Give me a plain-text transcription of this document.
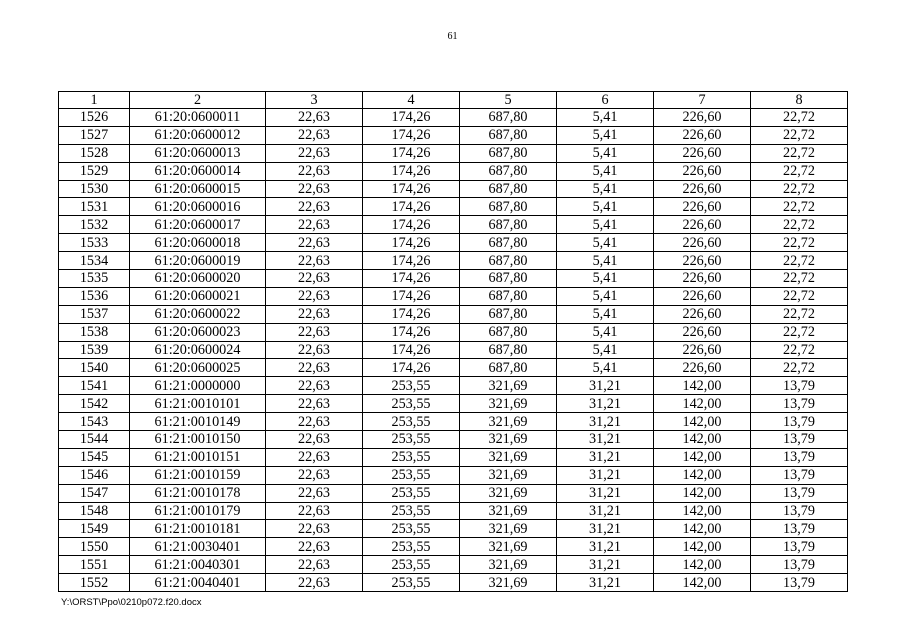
61
1	2	3	4	5	6	7	8
1526	61:20:0600011	22,63	174,26	687,80	5,41	226,60	22,72
1527	61:20:0600012	22,63	174,26	687,80	5,41	226,60	22,72
1528	61:20:0600013	22,63	174,26	687,80	5,41	226,60	22,72
1529	61:20:0600014	22,63	174,26	687,80	5,41	226,60	22,72
1530	61:20:0600015	22,63	174,26	687,80	5,41	226,60	22,72
1531	61:20:0600016	22,63	174,26	687,80	5,41	226,60	22,72
1532	61:20:0600017	22,63	174,26	687,80	5,41	226,60	22,72
1533	61:20:0600018	22,63	174,26	687,80	5,41	226,60	22,72
1534	61:20:0600019	22,63	174,26	687,80	5,41	226,60	22,72
1535	61:20:0600020	22,63	174,26	687,80	5,41	226,60	22,72
1536	61:20:0600021	22,63	174,26	687,80	5,41	226,60	22,72
1537	61:20:0600022	22,63	174,26	687,80	5,41	226,60	22,72
1538	61:20:0600023	22,63	174,26	687,80	5,41	226,60	22,72
1539	61:20:0600024	22,63	174,26	687,80	5,41	226,60	22,72
1540	61:20:0600025	22,63	174,26	687,80	5,41	226,60	22,72
1541	61:21:0000000	22,63	253,55	321,69	31,21	142,00	13,79
1542	61:21:0010101	22,63	253,55	321,69	31,21	142,00	13,79
1543	61:21:0010149	22,63	253,55	321,69	31,21	142,00	13,79
1544	61:21:0010150	22,63	253,55	321,69	31,21	142,00	13,79
1545	61:21:0010151	22,63	253,55	321,69	31,21	142,00	13,79
1546	61:21:0010159	22,63	253,55	321,69	31,21	142,00	13,79
1547	61:21:0010178	22,63	253,55	321,69	31,21	142,00	13,79
1548	61:21:0010179	22,63	253,55	321,69	31,21	142,00	13,79
1549	61:21:0010181	22,63	253,55	321,69	31,21	142,00	13,79
1550	61:21:0030401	22,63	253,55	321,69	31,21	142,00	13,79
1551	61:21:0040301	22,63	253,55	321,69	31,21	142,00	13,79
1552	61:21:0040401	22,63	253,55	321,69	31,21	142,00	13,79
Y:\ORST\Ppo\0210p072.f20.docx
